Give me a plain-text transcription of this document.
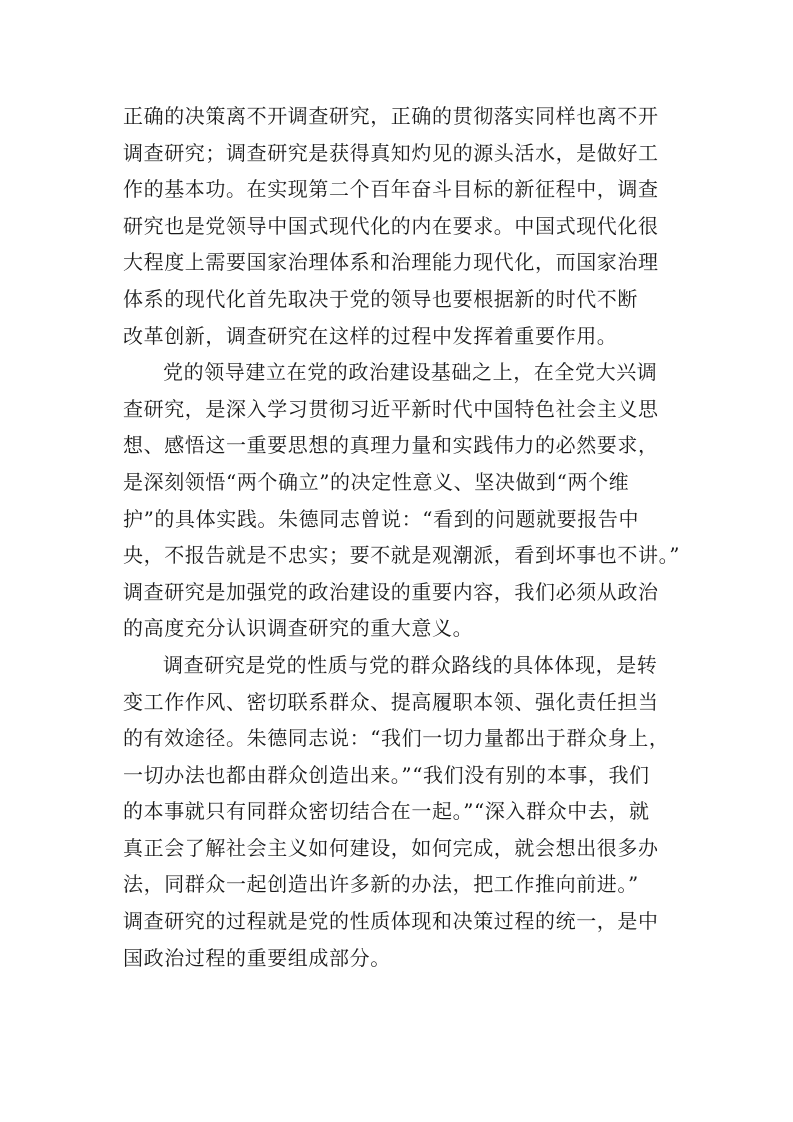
正确的决策离不开调查研究，正确的贯彻落实同样也离不开
调查研究；调查研究是获得真知灼见的源头活水，是做好工
作的基本功。在实现第二个百年奋斗目标的新征程中，调查
研究也是党领导中国式现代化的内在要求。中国式现代化很
大程度上需要国家治理体系和治理能力现代化，而国家治理
体系的现代化首先取决于党的领导也要根据新的时代不断
改革创新，调查研究在这样的过程中发挥着重要作用。
党的领导建立在党的政治建设基础之上，在全党大兴调
查研究，是深入学习贯彻习近平新时代中国特色社会主义思
想、感悟这一重要思想的真理力量和实践伟力的必然要求，
是深刻领悟“两个确立”的决定性意义、坚决做到“两个维
护”的具体实践。朱德同志曾说：“看到的问题就要报告中
央，不报告就是不忠实；要不就是观潮派，看到坏事也不讲。”
调查研究是加强党的政治建设的重要内容，我们必须从政治
的高度充分认识调查研究的重大意义。
调查研究是党的性质与党的群众路线的具体体现，是转
变工作作风、密切联系群众、提高履职本领、强化责任担当
的有效途径。朱德同志说：“我们一切力量都出于群众身上，
一切办法也都由群众创造出来。”“我们没有别的本事，我们
的本事就只有同群众密切结合在一起。”“深入群众中去，就
真正会了解社会主义如何建设，如何完成，就会想出很多办
法，同群众一起创造出许多新的办法，把工作推向前进。”
调查研究的过程就是党的性质体现和决策过程的统一，是中
国政治过程的重要组成部分。
